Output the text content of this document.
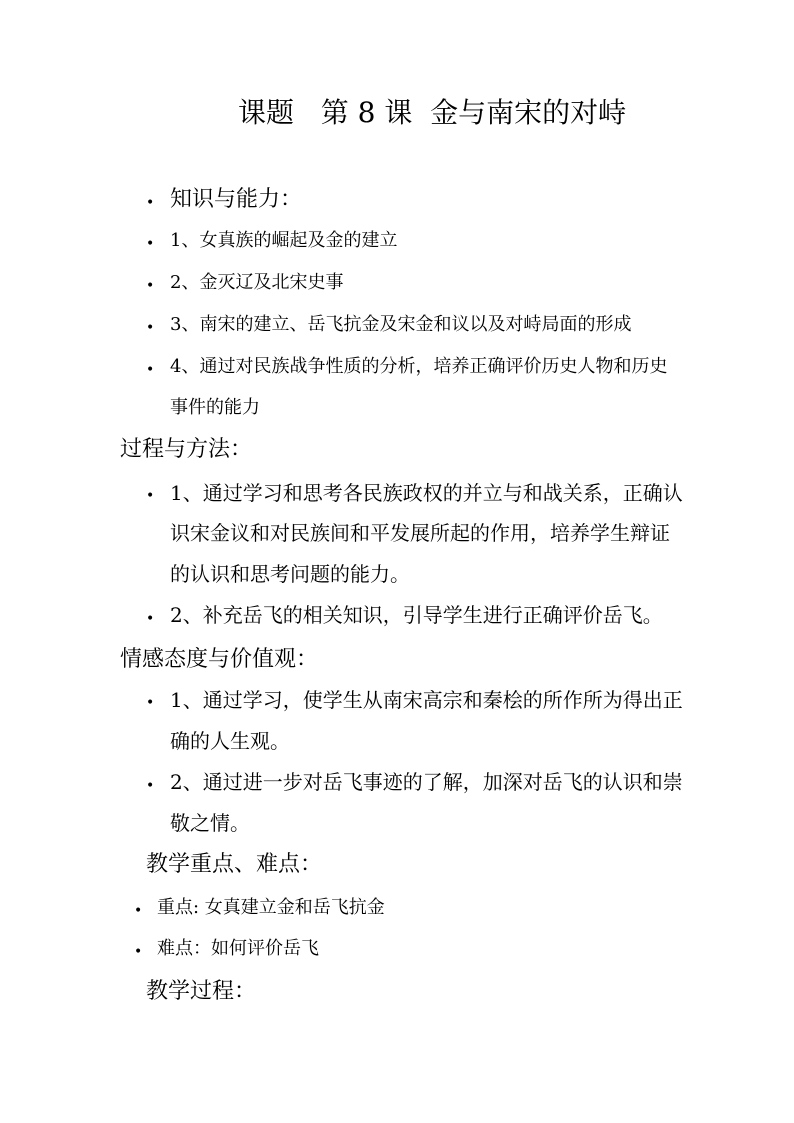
课题   第 8 课  金与南宋的对峙
• 知识与能力：
• 1、女真族的崛起及金的建立
• 2、金灭辽及北宋史事
• 3、南宋的建立、岳飞抗金及宋金和议以及对峙局面的形成
• 4、通过对民族战争性质的分析，培养正确评价历史人物和历史
事件的能力
过程与方法：
• 1、通过学习和思考各民族政权的并立与和战关系，正确认
识宋金议和对民族间和平发展所起的作用，培养学生辩证
的认识和思考问题的能力。
• 2、补充岳飞的相关知识，引导学生进行正确评价岳飞。
情感态度与价值观：
• 1、通过学习，使学生从南宋高宗和秦桧的所作所为得出正
确的人生观。
• 2、通过进一步对岳飞事迹的了解，加深对岳飞的认识和崇
敬之情。
教学重点、难点：
• 重点: 女真建立金和岳飞抗金
• 难点：如何评价岳飞
教学过程：
